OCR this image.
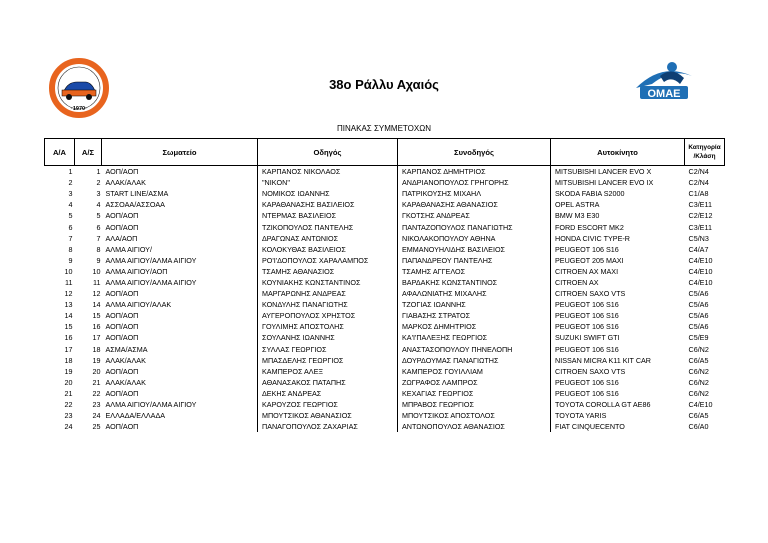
·1970·
ΟΜΑΕ
38ο Ράλλυ Αχαιός
ΠΙΝΑΚΑΣ ΣΥΜΜΕΤΟΧΩΝ
Α/Α	Α/Σ	Σωματείο	Οδηγός	Συνοδηγός	Αυτοκίνητο	Κατηγορία
/Κλάση
1	1	ΑΟΠ/ΑΟΠ	ΚΑΡΠΑΝΟΣ ΝΙΚΟΛΑΟΣ	ΚΑΡΠΑΝΟΣ ΔΗΜΗΤΡΙΟΣ	MITSUBISHI LANCER EVO X	C2/N4
2	2	ΑΛΑΚ/ΑΛΑΚ	"NIKON"	ΑΝΔΡΙΑΝΟΠΟΥΛΟΣ ΓΡΗΓΟΡΗΣ	MITSUBISHI LANCER EVO IX	C2/N4
3	3	START LINE/ΑΣΜΑ	ΝΟΜΙΚΟΣ ΙΩΑΝΝΗΣ	ΠΑΤΡΙΚΟΥΣΗΣ ΜΙΧΑΗΛ	SKODA FABIA S2000	C1/A8
4	4	ΑΣΣΟΑΑ/ΑΣΣΟΑΑ	ΚΑΡΑΘΑΝΑΣΗΣ ΒΑΣΙΛΕΙΟΣ	ΚΑΡΑΘΑΝΑΣΗΣ ΑΘΑΝΑΣΙΟΣ	OPEL ASTRA	C3/E11
5	5	ΑΟΠ/ΑΟΠ	ΝΤΕΡΜΑΣ ΒΑΣΙΛΕΙΟΣ	ΓΚΟΤΣΗΣ ΑΝΔΡΕΑΣ	BMW M3 E30	C2/E12
6	6	ΑΟΠ/ΑΟΠ	ΤΖΙΚΟΠΟΥΛΟΣ ΠΑΝΤΕΛΗΣ	ΠΑΝΤΑΖΟΠΟΥΛΟΣ ΠΑΝΑΓΙΩΤΗΣ	FORD ESCORT MK2	C3/E11
7	7	ΑΛΑ/ΑΟΠ	ΔΡΑΓΩΝΑΣ ΑΝΤΩΝΙΟΣ	ΝΙΚΟΛΑΚΟΠΟΥΛΟΥ ΑΘΗΝΑ	HONDA CIVIC TYPE-R	C5/N3
8	8	ΑΛΜΑ ΑΙΓΙΟΥ/	ΚΟΛΟΚΥΘΑΣ ΒΑΣΙΛΕΙΟΣ	ΕΜΜΑΝΟΥΗΛΙΔΗΣ ΒΑΣΙΛΕΙΟΣ	PEUGEOT 106 S16	C4/A7
9	9	ΑΛΜΑ ΑΙΓΙΟΥ/ΑΛΜΑ ΑΙΓΙΟΥ	ΡΟ'Ι'ΔΟΠΟΥΛΟΣ ΧΑΡΑΛΑΜΠΟΣ	ΠΑΠΑΝΔΡΕΟΥ ΠΑΝΤΕΛΗΣ	PEUGEOT 205 MAXI	C4/E10
10	10	ΑΛΜΑ ΑΙΓΙΟΥ/ΑΟΠ	ΤΣΑΜΗΣ ΑΘΑΝΑΣΙΟΣ	ΤΣΑΜΗΣ ΑΓΓΕΛΟΣ	CITROEN AX MAXI	C4/E10
11	11	ΑΛΜΑ ΑΙΓΙΟΥ/ΑΛΜΑ ΑΙΓΙΟΥ	ΚΟΥΝΙΑΚΗΣ ΚΩΝΣΤΑΝΤΙΝΟΣ	ΒΑΡΔΑΚΗΣ ΚΩΝΣΤΑΝΤΙΝΟΣ	CITROEN AX	C4/E10
12	12	ΑΟΠ/ΑΟΠ	ΜΑΡΓΑΡΩΝΗΣ ΑΝΔΡΕΑΣ	ΑΦΑΛΩΝΙΑΤΗΣ ΜΙΧΑΛΗΣ	CITROEN SAXO VTS	C5/A6
13	14	ΑΛΜΑ ΑΙΓΙΟΥ/ΑΛΑΚ	ΚΟΝΔΥΛΗΣ ΠΑΝΑΓΙΩΤΗΣ	ΤΖΟΓΙΑΣ ΙΩΑΝΝΗΣ	PEUGEOT 106 S16	C5/A6
14	15	ΑΟΠ/ΑΟΠ	ΑΥΓΕΡΟΠΟΥΛΟΣ ΧΡΗΣΤΟΣ	ΓΙΑΒΑΣΗΣ ΣΤΡΑΤΟΣ	PEUGEOT 106 S16	C5/A6
15	16	ΑΟΠ/ΑΟΠ	ΓΟΥΛΙΜΗΣ ΑΠΟΣΤΟΛΗΣ	ΜΑΡΚΟΣ ΔΗΜΗΤΡΙΟΣ	PEUGEOT 106 S16	C5/A6
16	17	ΑΟΠ/ΑΟΠ	ΣΟΥΛΑΝΗΣ ΙΩΑΝΝΗΣ	ΚΑ'Ι'ΠΑΛΕΞΗΣ ΓΕΩΡΓΙΟΣ	SUZUKI SWIFT GTI	C5/E9
17	18	ΑΣΜΑ/ΑΣΜΑ	ΣΥΛΛΑΣ ΓΕΩΡΓΙΟΣ	ΑΝΑΣΤΑΣΟΠΟΥΛΟΥ ΠΗΝΕΛΟΠΗ	PEUGEOT 106 S16	C6/N2
18	19	ΑΛΑΚ/ΑΛΑΚ	ΜΠΑΣΔΕΛΗΣ ΓΕΩΡΓΙΟΣ	ΔΟΥΡΔΟΥΜΑΣ ΠΑΝΑΓΙΩΤΗΣ	NISSAN MICRA K11 KIT CAR	C6/A5
19	20	ΑΟΠ/ΑΟΠ	ΚΑΜΠΕΡΟΣ ΑΛΕΞ	ΚΑΜΠΕΡΟΣ ΓΟΥΙΛΛΙΑΜ	CITROEN SAXO VTS	C6/N2
20	21	ΑΛΑΚ/ΑΛΑΚ	ΑΘΑΝΑΣΑΚΟΣ ΠΑΤΑΠΗΣ	ΖΩΓΡΑΦΟΣ ΛΑΜΠΡΟΣ	PEUGEOT 106 S16	C6/N2
21	22	ΑΟΠ/ΑΟΠ	ΔΕΚΗΣ ΑΝΔΡΕΑΣ	ΚΕΧΑΓΙΑΣ ΓΕΩΡΓΙΟΣ	PEUGEOT 106 S16	C6/N2
22	23	ΑΛΜΑ ΑΙΓΙΟΥ/ΑΛΜΑ ΑΙΓΙΟΥ	ΚΑΡΟΥΖΟΣ ΓΕΩΡΓΙΟΣ	ΜΠΡΑΒΟΣ ΓΕΩΡΓΙΟΣ	TOYOTA COROLLA GT AE86	C4/E10
23	24	ΕΛΛΑΔΑ/ΕΛΛΑΔΑ	ΜΠΟΥΤΣΙΚΟΣ ΑΘΑΝΑΣΙΟΣ	ΜΠΟΥΤΣΙΚΟΣ ΑΠΟΣΤΟΛΟΣ	TOYOTA YARIS	C6/A5
24	25	ΑΟΠ/ΑΟΠ	ΠΑΝΑΓΟΠΟΥΛΟΣ ΖΑΧΑΡΙΑΣ	ΑΝΤΩΝΟΠΟΥΛΟΣ ΑΘΑΝΑΣΙΟΣ	FIAT CINQUECENTO	C6/A0
